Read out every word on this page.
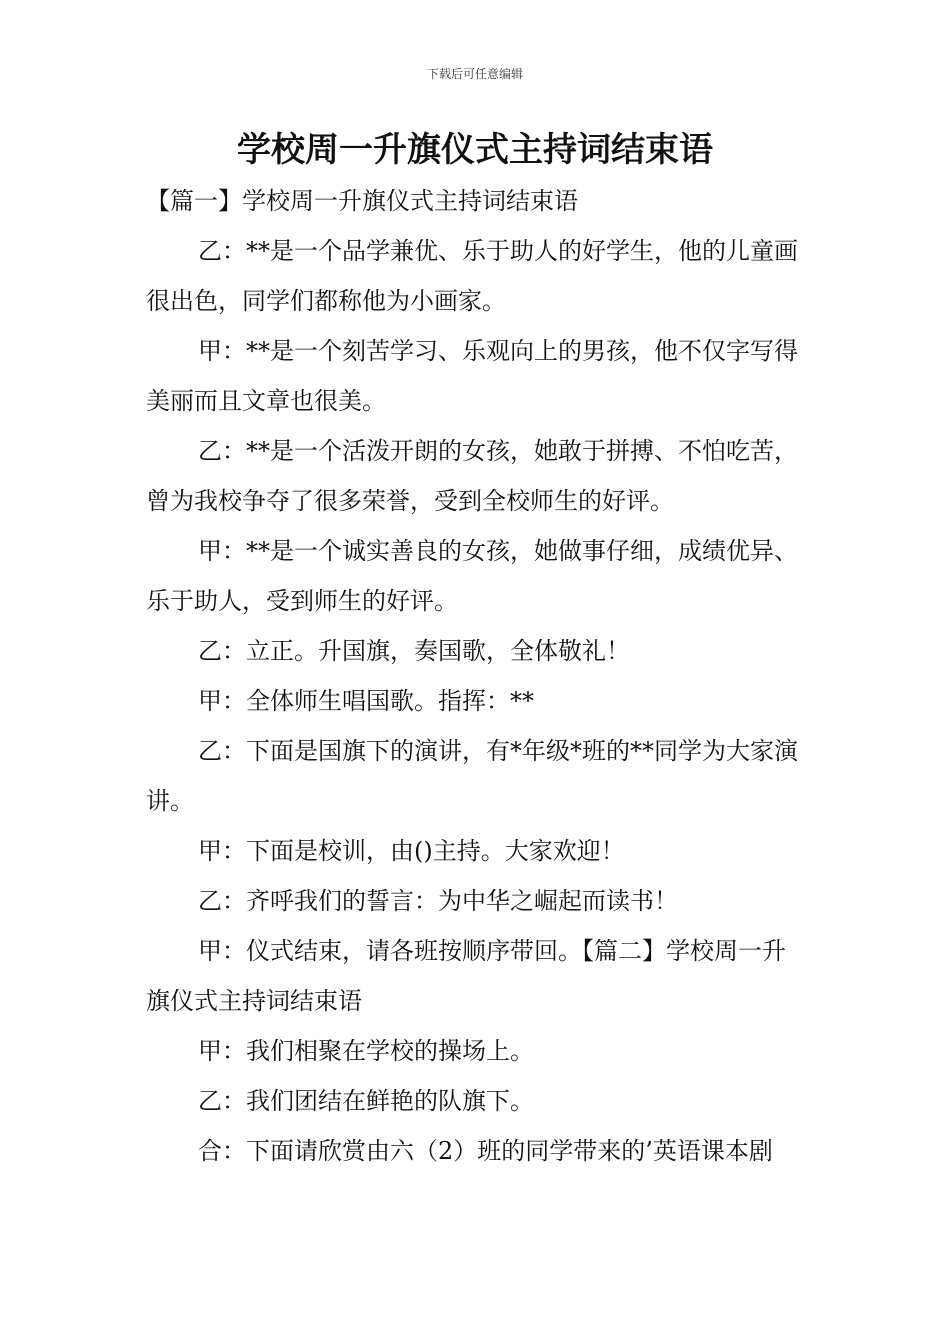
下载后可任意编辑
学校周一升旗仪式主持词结束语

【篇一】学校周一升旗仪式主持词结束语

乙：**是一个品学兼优、乐于助人的好学生，他的儿童画很出色，同学们都称他为小画家。

甲：**是一个刻苦学习、乐观向上的男孩，他不仅字写得美丽而且文章也很美。

乙：**是一个活泼开朗的女孩，她敢于拼搏、不怕吃苦，曾为我校争夺了很多荣誉，受到全校师生的好评。

甲：**是一个诚实善良的女孩，她做事仔细，成绩优异、乐于助人，受到师生的好评。

乙：立正。升国旗，奏国歌，全体敬礼！

甲：全体师生唱国歌。指挥：**

乙：下面是国旗下的演讲，有*年级*班的**同学为大家演讲。

甲：下面是校训，由()主持。大家欢迎！

乙：齐呼我们的誓言：为中华之崛起而读书！

甲：仪式结束，请各班按顺序带回。【篇二】学校周一升旗仪式主持词结束语

甲：我们相聚在学校的操场上。

乙：我们团结在鲜艳的队旗下。

合：下面请欣赏由六（2）班的同学带来的’英语课本剧
